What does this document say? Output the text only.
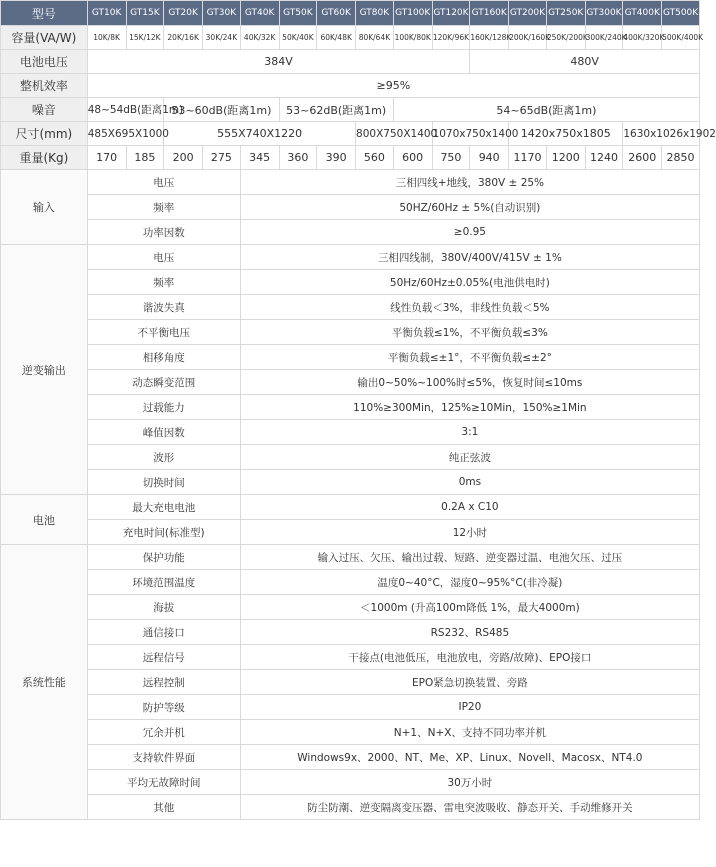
型号	GT10K	GT15K	GT20K	GT30K	GT40K	GT50K	GT60K	GT80K	GT100K	GT120K	GT160K	GT200K	GT250K	GT300K	GT400K	GT500K
容量(VA/W)	10K/8K	15K/12K	20K/16K	30K/24K	40K/32K	50K/40K	60K/48K	80K/64K	100K/80K	120K/96K	160K/128K	200K/160K	250K/200K	300K/240K	400K/320K	500K/400K
电池电压	384V										480V					
整机效率	≥95%															
噪音	48~54dB(距离1m)		53~60dB(距离1m)			53~62dB(距离1m)			54~65dB(距离1m)							
尺寸(mm)	485X695X1000		555X740X1220					800X750X1400		1070x750x1400		1420x750x1805			1630x1026x1902	
重量(Kg)	170	185	200	275	345	360	390	560	600	750	940	1170	1200	1240	2600	2850
输入	电压				三相四线+地线，380V ± 25%											
	频率				50HZ/60Hz ± 5%(自动识别)											
	功率因数				≥0.95											
逆变输出	电压				三相四线制，380V/400V/415V ± 1%											
	频率				50Hz/60Hz±0.05%(电池供电时)											
	谐波失真				线性负载＜3%，非线性负载＜5%											
	不平衡电压				平衡负载≤1%，不平衡负载≤3%											
	相移角度				平衡负载≤±1°，不平衡负载≤±2°											
	动态瞬变范围				输出0~50%~100%时≤5%，恢复时间≤10ms											
	过载能力				110%≥300Min，125%≥10Min，150%≥1Min											
	峰值因数				3:1											
	波形				纯正弦波											
	切换时间				0ms											
电池	最大充电电池				0.2A x C10											
	充电时间(标准型)				12小时											
系统性能	保护功能				输入过压、欠压、输出过载、短路、逆变器过温、电池欠压、过压											
	环境范围温度				温度0~40°C，湿度0~95%°C(非冷凝)											
	海拔				＜1000m (升高100m降低 1%，最大4000m)											
	通信接口				RS232、RS485											
	远程信号				干接点(电池低压，电池放电，旁路/故障)、EPO接口											
	远程控制				EPO紧急切换装置、旁路											
	防护等级				IP20											
	冗余并机				N+1、N+X、支持不同功率并机											
	支持软件界面				Windows9x、2000、NT、Me、XP、Linux、Novell、Macosx、NT4.0											
	平均无故障时间				30万小时											
	其他				防尘防潮、逆变隔离变压器、雷电突波吸收、静态开关、手动维修开关											
